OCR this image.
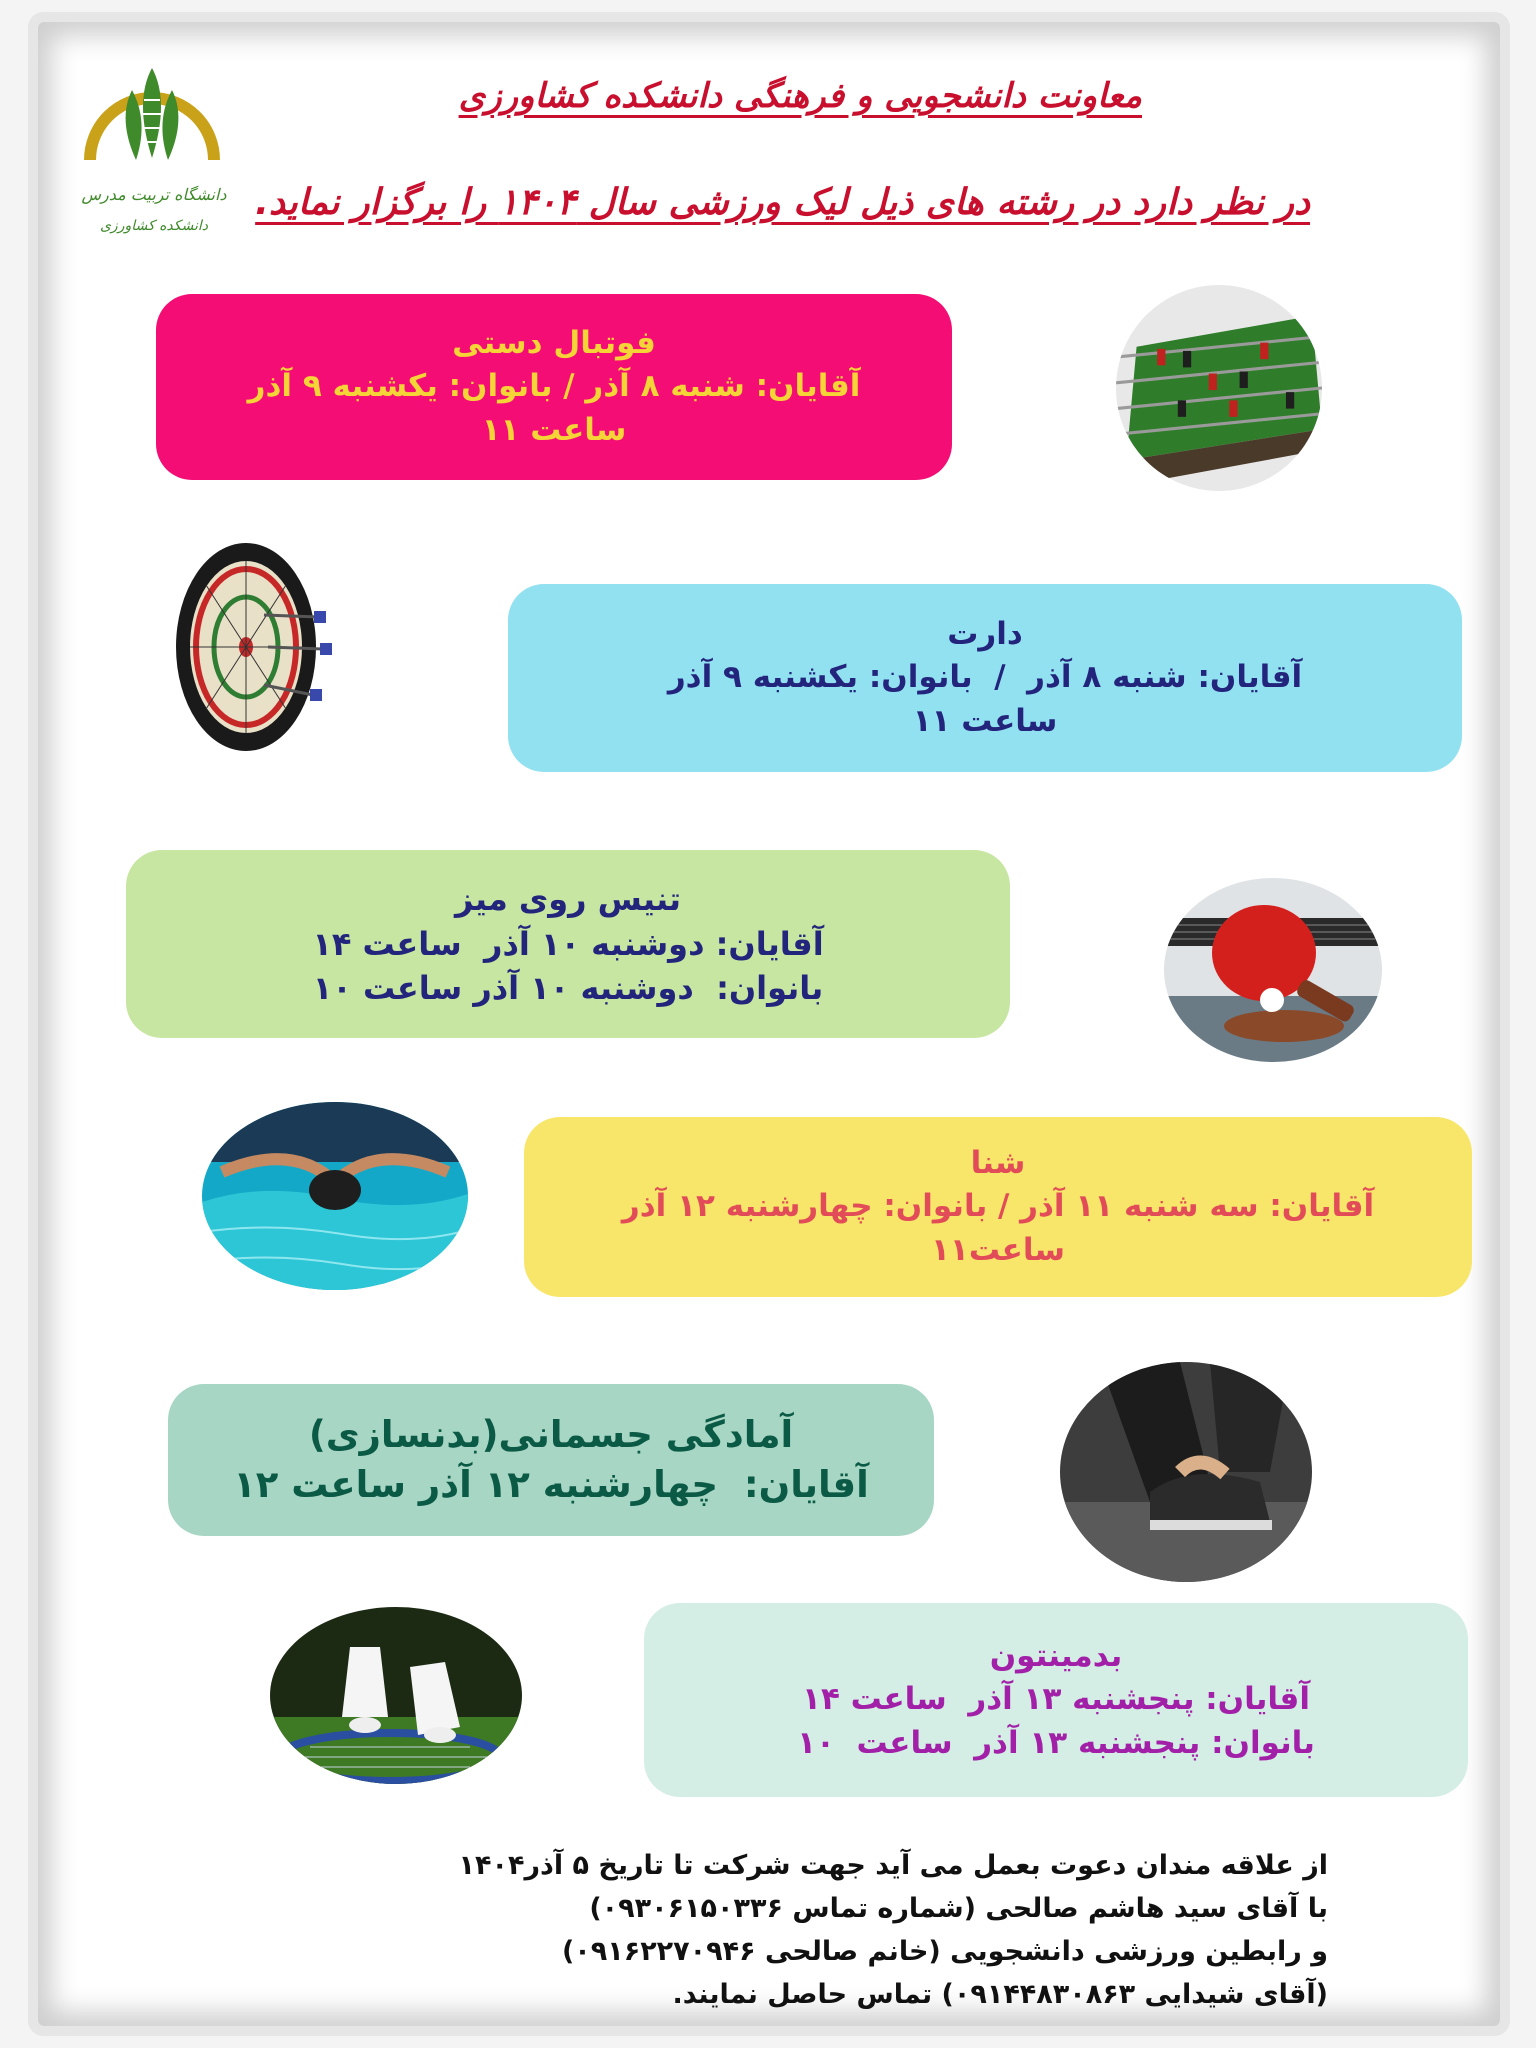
دانشگاه تربیت مدرس
دانشکده کشاورزی

معاونت دانشجویی و فرهنگی دانشکده کشاورزی

در نظر دارد در رشته های ذیل لیک ورزشی سال ۱۴۰۴ را برگزار نماید.

فوتبال دستی

آقایان: شنبه ۸ آذر / بانوان: یکشنبه ۹ آذر

ساعت ۱۱

دارت

آقایان: شنبه ۸ آذر  /  بانوان: یکشنبه ۹ آذر

ساعت ۱۱

تنیس روی میز

آقایان: دوشنبه ۱۰ آذر  ساعت ۱۴

بانوان:  دوشنبه ۱۰ آذر ساعت ۱۰

شنا

آقایان: سه شنبه ۱۱ آذر / بانوان: چهارشنبه ۱۲ آذر

ساعت۱۱

آمادگی جسمانی(بدنسازی)

آقایان:  چهارشنبه ۱۲ آذر ساعت ۱۲

بدمینتون

آقایان: پنجشنبه ۱۳ آذر  ساعت ۱۴

بانوان: پنجشنبه ۱۳ آذر  ساعت  ۱۰

از علاقه مندان دعوت بعمل می آید جهت شرکت تا تاریخ ۵ آذر۱۴۰۴

با آقای سید هاشم صالحی (شماره تماس ۰۹۳۰۶۱۵۰۳۳۶)

و رابطین ورزشی دانشجویی (خانم صالحی ۰۹۱۶۲۲۷۰۹۴۶)

(آقای شیدایی ۰۹۱۴۴۸۳۰۸۶۳) تماس حاصل نمایند.
